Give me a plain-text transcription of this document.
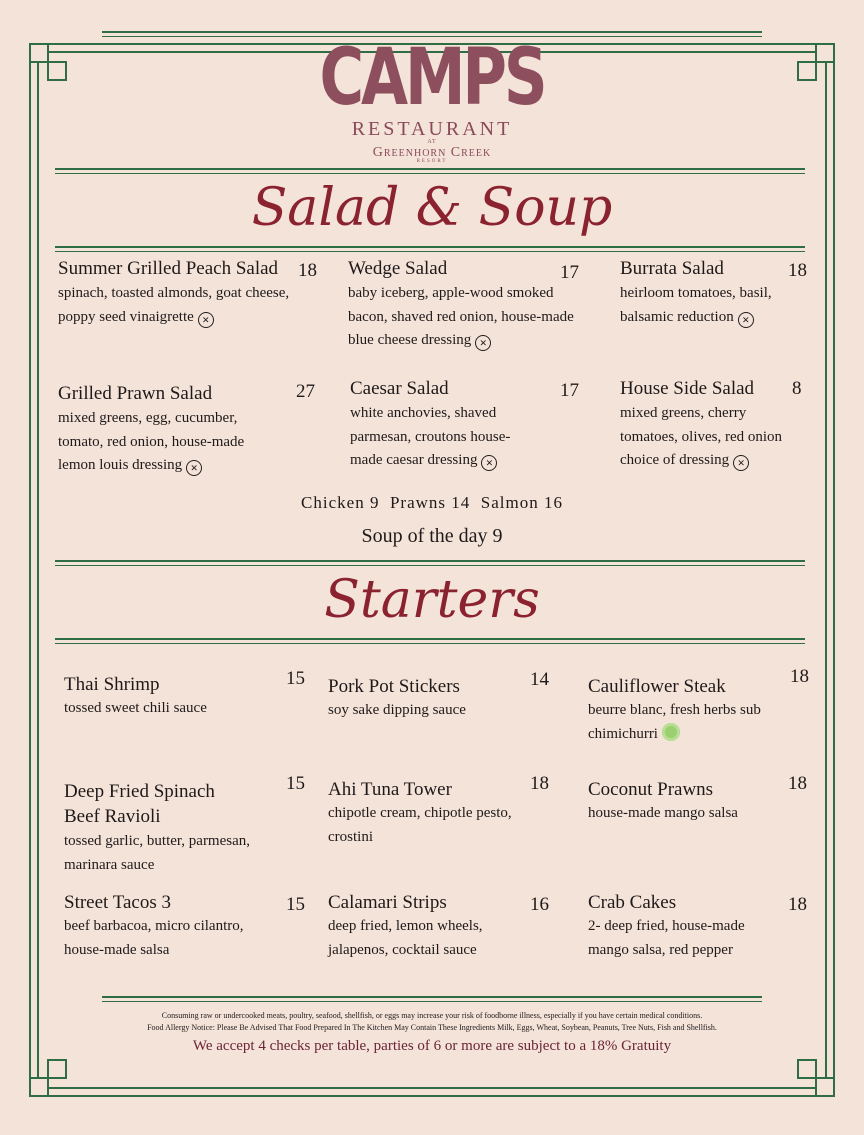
CAMPS
RESTAURANT
AT
Greenhorn Creek
RESORT
Salad & Soup
Summer Grilled Peach Salad
spinach, toasted almonds, goat cheese, poppy seed vinaigrette ✕
18 Wedge Salad
baby iceberg, apple-wood smoked bacon, shaved red onion, house-made blue cheese dressing ✕
17 Burrata Salad
heirloom tomatoes, basil, balsamic reduction ✕
18
Grilled Prawn Salad
mixed greens, egg, cucumber, tomato, red onion, house-made lemon louis dressing ✕
27 Caesar Salad
white anchovies, shaved parmesan, croutons house-made caesar dressing ✕
17 House Side Salad
mixed greens, cherry tomatoes, olives, red onion choice of dressing ✕
8
Chicken 9  Prawns 14  Salmon 16
Soup of the day 9
Starters
Thai Shrimp
tossed sweet chili sauce
15 Pork Pot Stickers
soy sake dipping sauce
14 Cauliflower Steak
beurre blanc, fresh herbs sub chimichurri
18
Deep Fried Spinach Beef Ravioli
tossed garlic, butter, parmesan, marinara sauce
15 Ahi Tuna Tower
chipotle cream, chipotle pesto, crostini
18 Coconut Prawns
house-made mango salsa
18
Street Tacos 3
beef barbacoa, micro cilantro, house-made salsa
15 Calamari Strips
deep fried, lemon wheels, jalapenos, cocktail sauce
16 Crab Cakes
2- deep fried, house-made mango salsa, red pepper
18
Consuming raw or undercooked meats, poultry, seafood, shellfish, or eggs may increase your risk of foodborne illness, especially if you have certain medical conditions.
Food Allergy Notice: Please Be Advised That Food Prepared In The Kitchen May Contain These Ingredients Milk, Eggs, Wheat, Soybean, Peanuts, Tree Nuts, Fish and Shellfish.
We accept 4 checks per table, parties of 6 or more are subject to a 18% Gratuity
